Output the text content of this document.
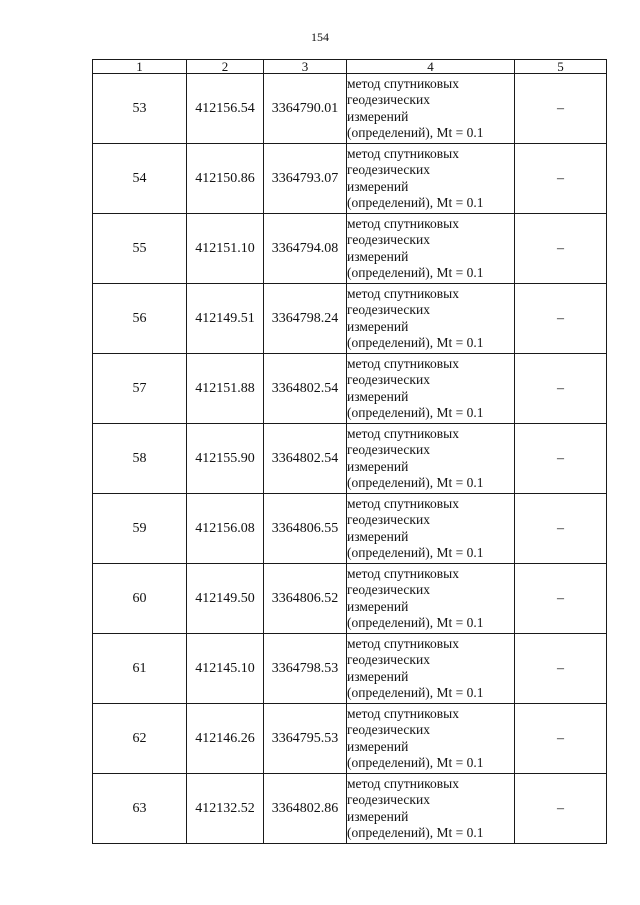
154
1	2	3	4	5
53	412156.54	3364790.01	метод спутниковых
геодезических
измерений
(определений), Mt = 0.1	–
54	412150.86	3364793.07	метод спутниковых
геодезических
измерений
(определений), Mt = 0.1	–
55	412151.10	3364794.08	метод спутниковых
геодезических
измерений
(определений), Mt = 0.1	–
56	412149.51	3364798.24	метод спутниковых
геодезических
измерений
(определений), Mt = 0.1	–
57	412151.88	3364802.54	метод спутниковых
геодезических
измерений
(определений), Mt = 0.1	–
58	412155.90	3364802.54	метод спутниковых
геодезических
измерений
(определений), Mt = 0.1	–
59	412156.08	3364806.55	метод спутниковых
геодезических
измерений
(определений), Mt = 0.1	–
60	412149.50	3364806.52	метод спутниковых
геодезических
измерений
(определений), Mt = 0.1	–
61	412145.10	3364798.53	метод спутниковых
геодезических
измерений
(определений), Mt = 0.1	–
62	412146.26	3364795.53	метод спутниковых
геодезических
измерений
(определений), Mt = 0.1	–
63	412132.52	3364802.86	метод спутниковых
геодезических
измерений
(определений), Mt = 0.1	–
